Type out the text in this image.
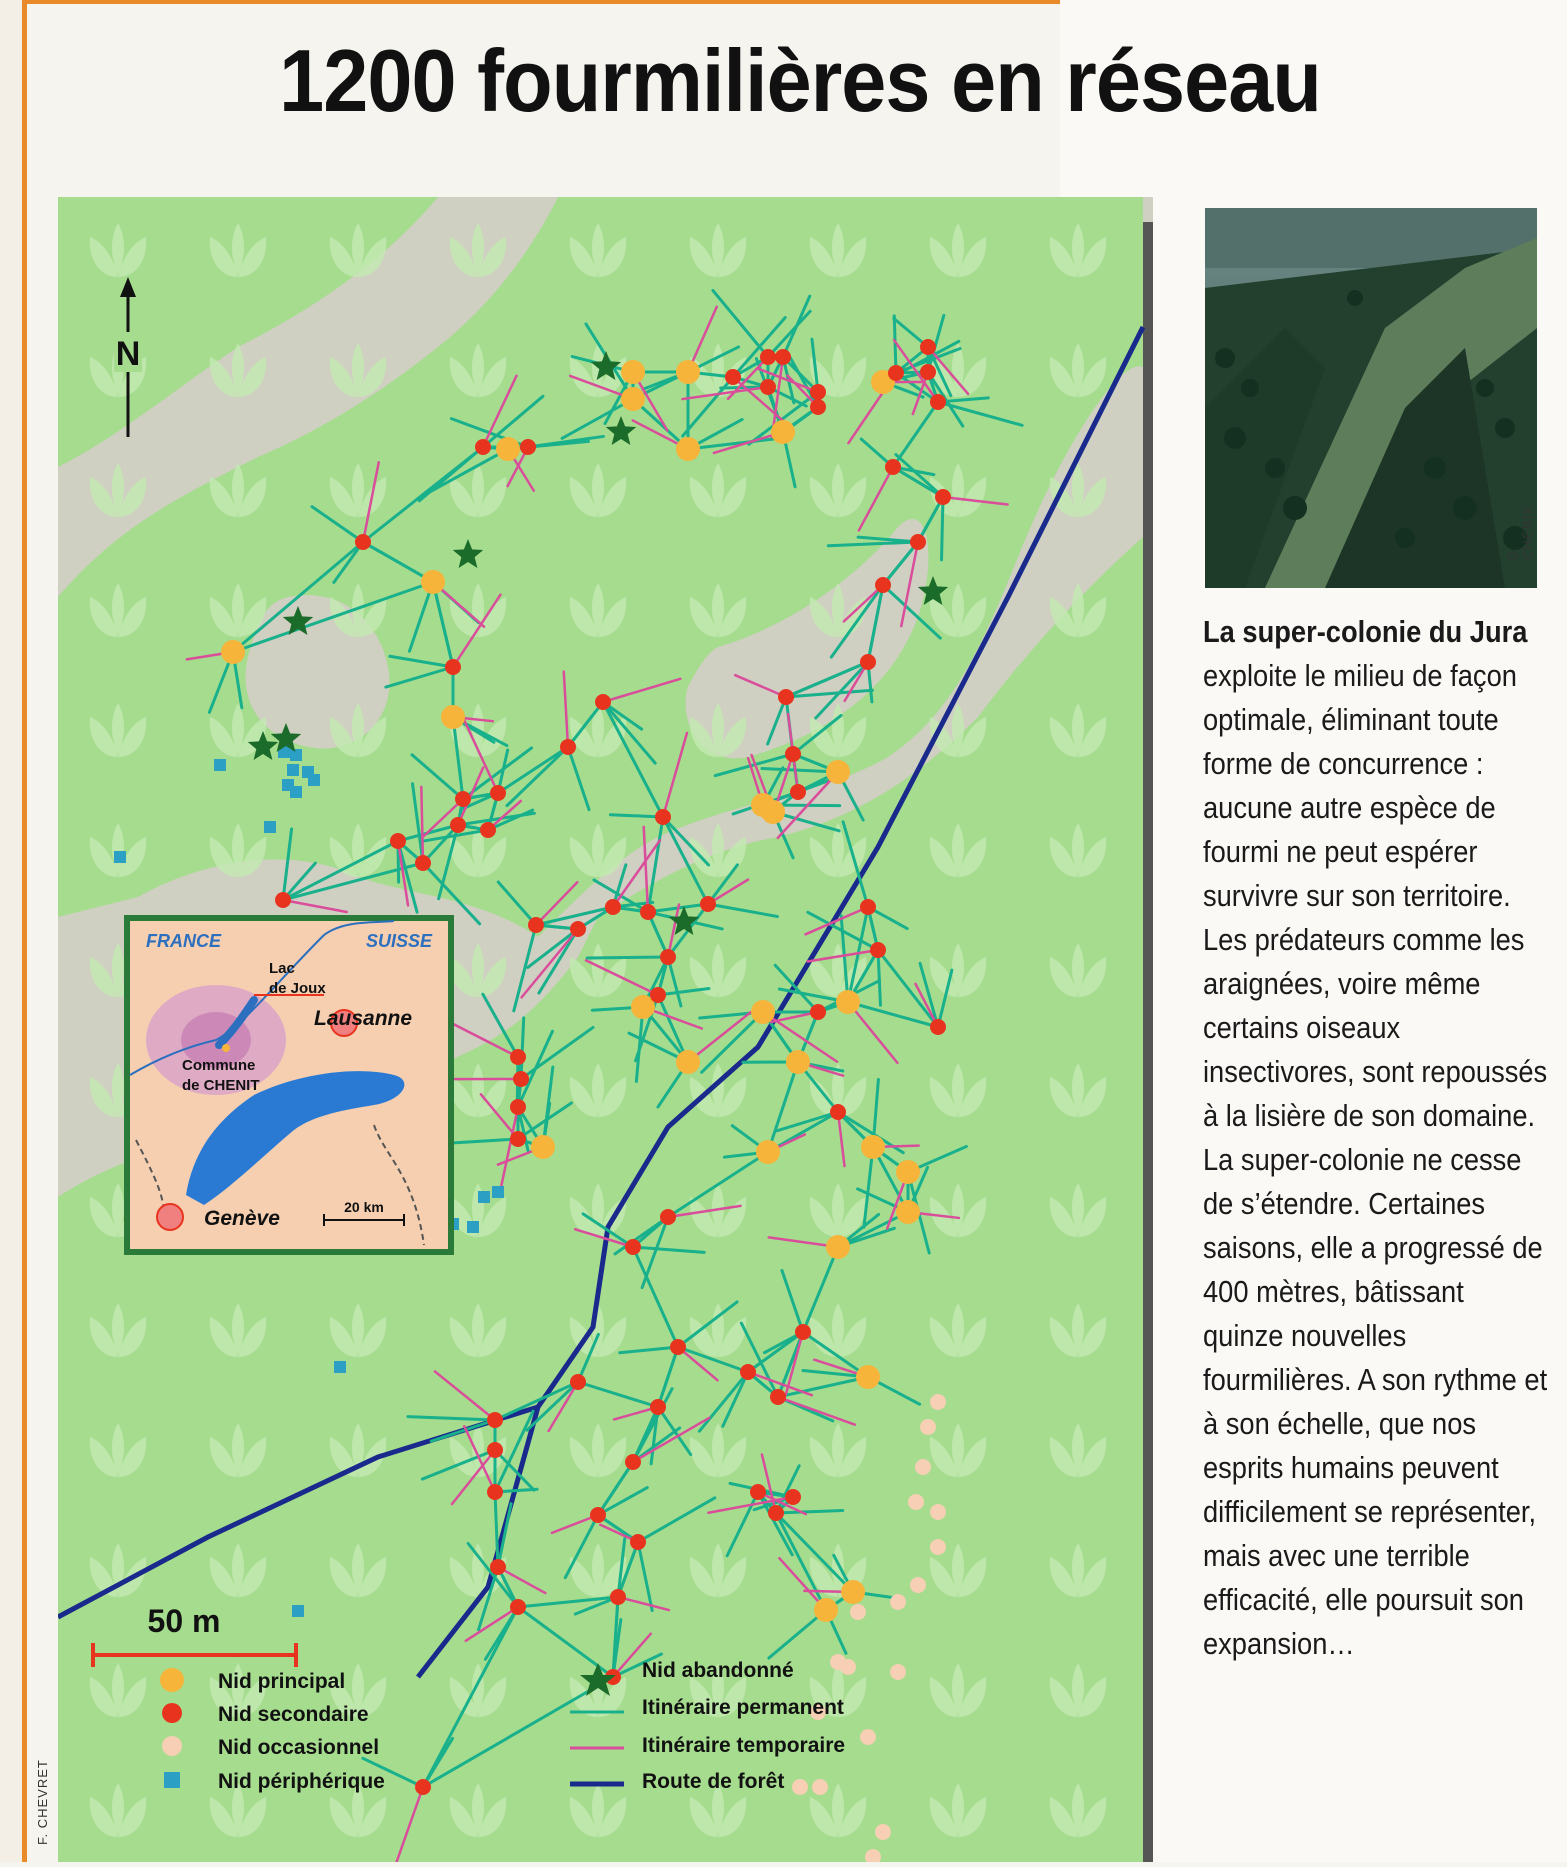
1200 fourmilières en réseau
D. CHÉRIX
La super-colonie du Jura exploite le milieu de façon optimale, éliminant toute forme de concurrence : aucune autre espèce de fourmi ne peut espérer survivre sur son territoire. Les prédateurs comme les araignées, voire même certains oiseaux insectivores, sont repoussés à la lisière de son domaine. La super-colonie ne cesse de s’étendre. Certaines saisons, elle a progressé de 400 mètres, bâtissant quinze nouvelles fourmilières. A son rythme et à son échelle, que nos esprits humains peuvent difficilement se représenter, mais avec une terrible efficacité, elle poursuit son expansion…
N
50 m
FRANCE	SUISSE
Lac de Joux
Lausanne
Commune de CHENIT
Genève	20 km
Nid principal
Nid secondaire
Nid occasionnel
Nid périphérique
Nid abandonné
Itinéraire permanent
Itinéraire temporaire
Route de forêt
F. CHEVRET
